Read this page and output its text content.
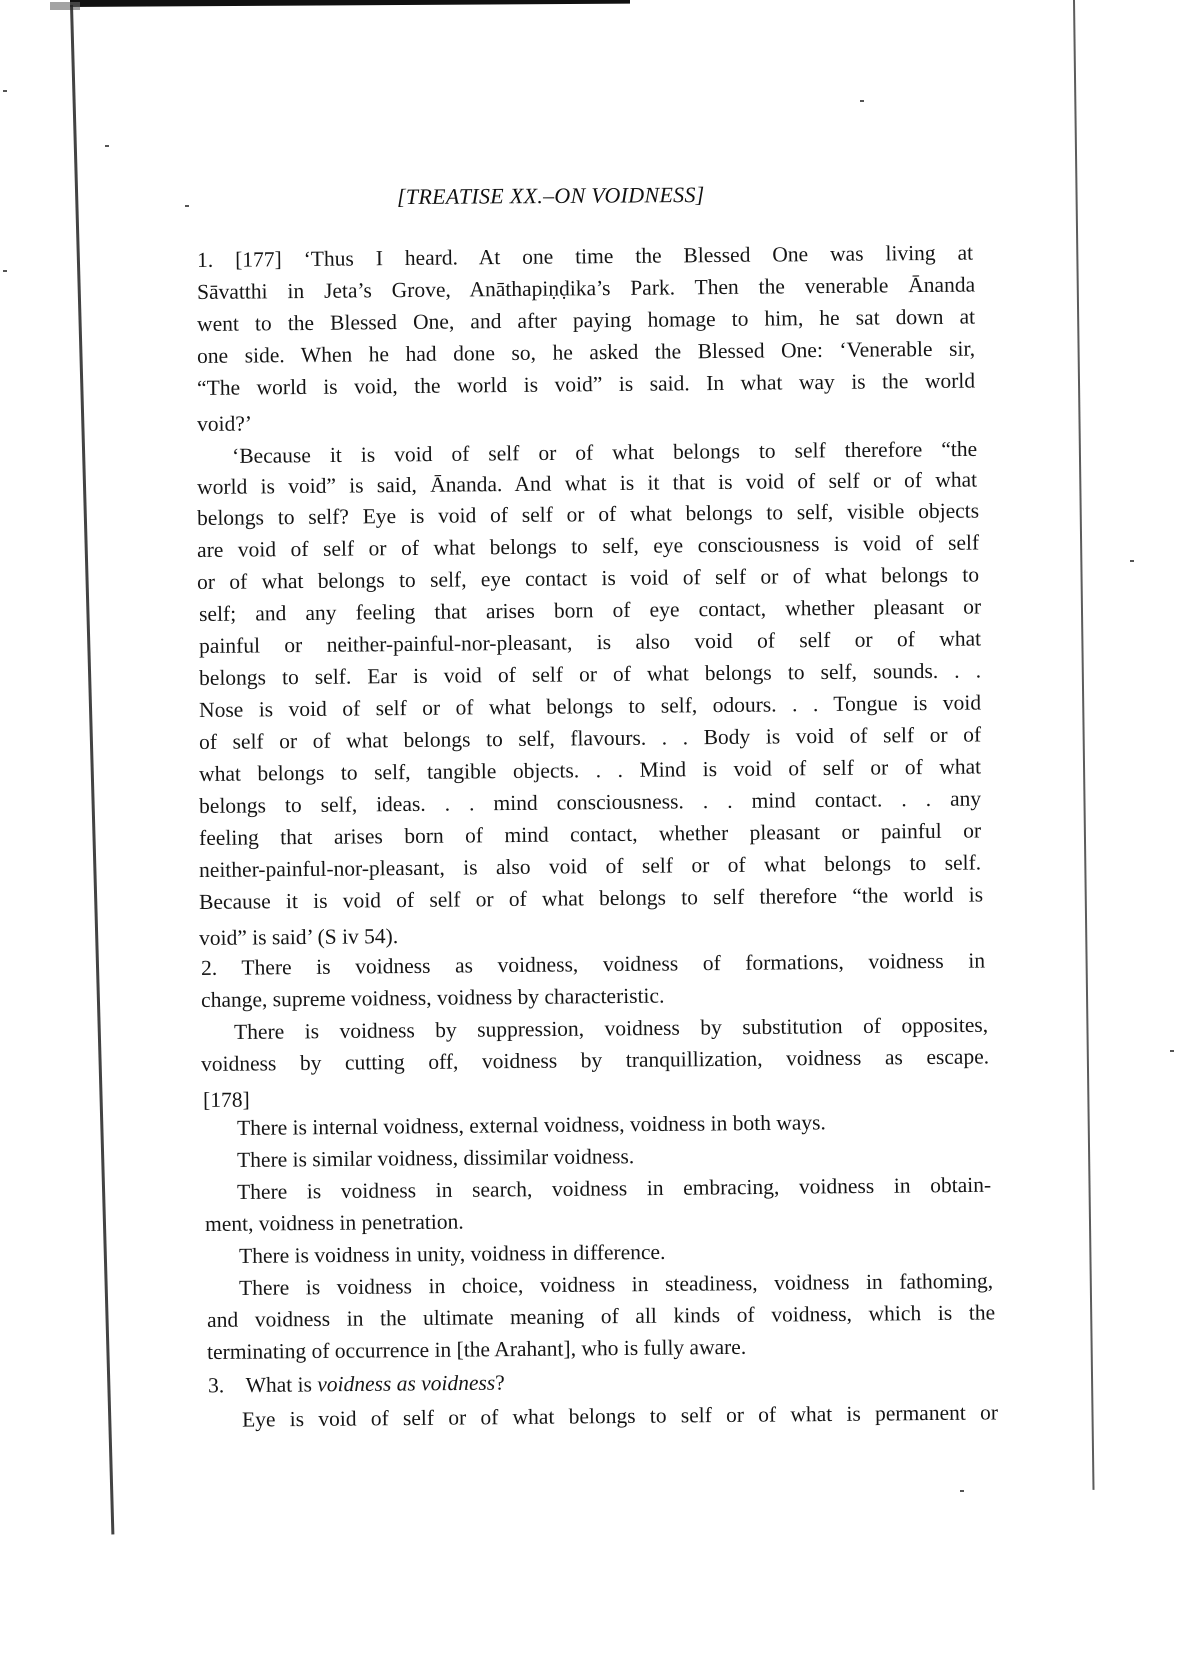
[TREATISE XX.–ON VOIDNESS]
1. [177] ‘Thus I heard. At one time the Blessed One was living at
Sāvatthi in Jeta’s Grove, Anāthapiṇḍika’s Park. Then the venerable Ānanda
went to the Blessed One, and after paying homage to him, he sat down at
one side. When he had done so, he asked the Blessed One: ‘Venerable sir,
“The world is void, the world is void” is said. In what way is the world
void?’
‘Because it is void of self or of what belongs to self therefore “the
world is void” is said, Ānanda. And what is it that is void of self or of what
belongs to self? Eye is void of self or of what belongs to self, visible objects
are void of self or of what belongs to self, eye consciousness is void of self
or of what belongs to self, eye contact is void of self or of what belongs to
self; and any feeling that arises born of eye contact, whether pleasant or
painful or neither-painful-nor-pleasant, is also void of self or of what
belongs to self. Ear is void of self or of what belongs to self, sounds. . .
Nose is void of self or of what belongs to self, odours. . . Tongue is void
of self or of what belongs to self, flavours. . . Body is void of self or of
what belongs to self, tangible objects. . . Mind is void of self or of what
belongs to self, ideas. . . mind consciousness. . . mind contact. . . any
feeling that arises born of mind contact, whether pleasant or painful or
neither-painful-nor-pleasant, is also void of self or of what belongs to self.
Because it is void of self or of what belongs to self therefore “the world is
void” is said’ (S iv 54).
2. There is voidness as voidness, voidness of formations, voidness in
change, supreme voidness, voidness by characteristic.
There is voidness by suppression, voidness by substitution of opposites,
voidness by cutting off, voidness by tranquillization, voidness as escape.
[178]
There is internal voidness, external voidness, voidness in both ways.
There is similar voidness, dissimilar voidness.
There is voidness in search, voidness in embracing, voidness in obtain-
ment, voidness in penetration.
There is voidness in unity, voidness in difference.
There is voidness in choice, voidness in steadiness, voidness in fathoming,
and voidness in the ultimate meaning of all kinds of voidness, which is the
terminating of occurrence in [the Arahant], who is fully aware.
3. What is voidness as voidness?
Eye is void of self or of what belongs to self or of what is permanent or
